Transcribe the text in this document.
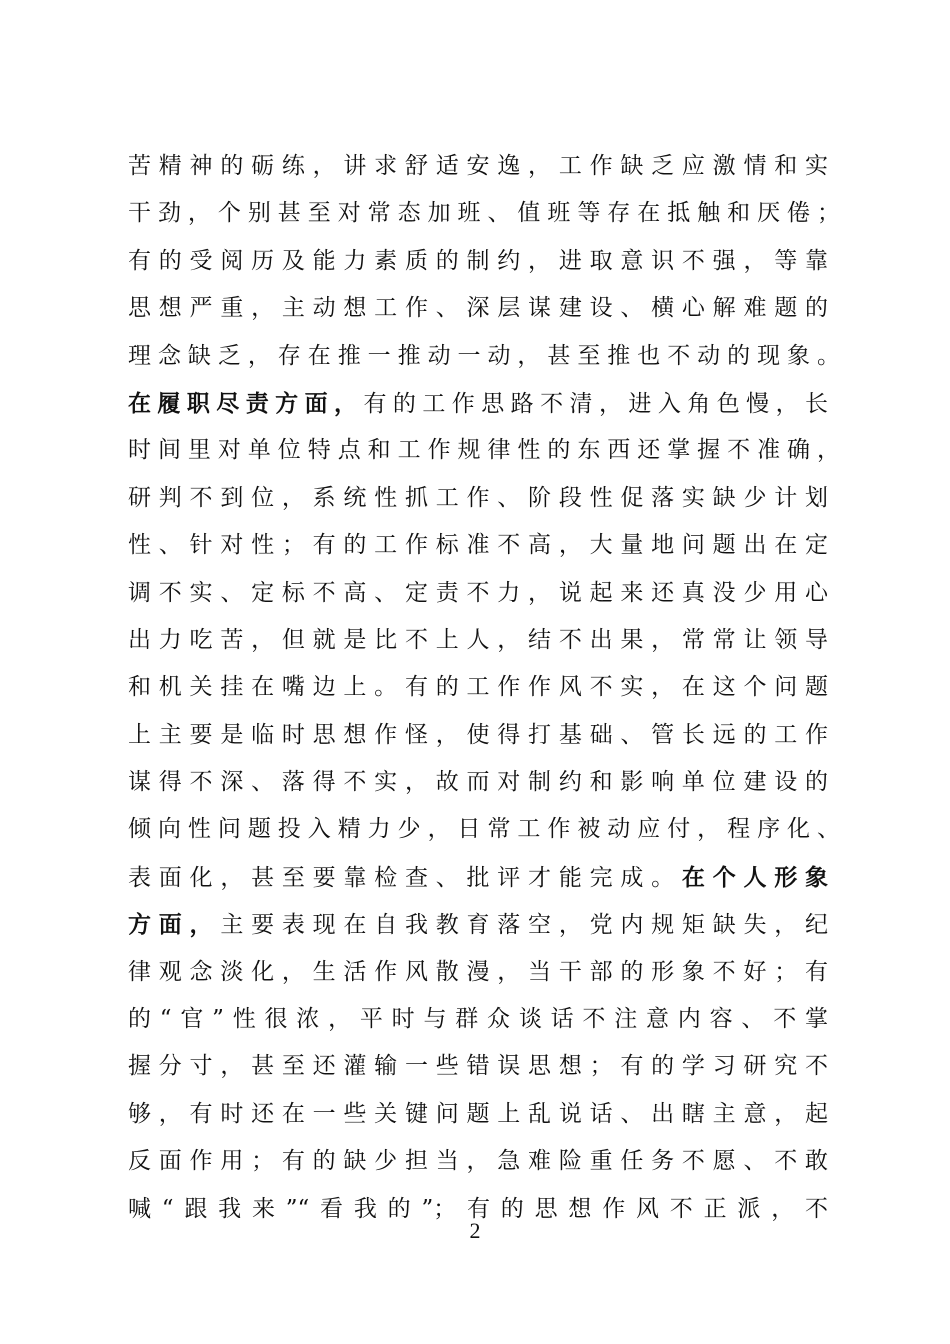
苦精神的砺练，讲求舒适安逸，工作缺乏应激情和实
干劲，个别甚至对常态加班、值班等存在抵触和厌倦；
有的受阅历及能力素质的制约，进取意识不强，等靠
思想严重，主动想工作、深层谋建设、横心解难题的
理念缺乏，存在推一推动一动，甚至推也不动的现象。
在履职尽责方面，有的工作思路不清，进入角色慢，长
时间里对单位特点和工作规律性的东西还掌握不准确，
研判不到位，系统性抓工作、阶段性促落实缺少计划
性、针对性；有的工作标准不高，大量地问题出在定
调不实、定标不高、定责不力，说起来还真没少用心
出力吃苦，但就是比不上人，结不出果，常常让领导
和机关挂在嘴边上。有的工作作风不实，在这个问题
上主要是临时思想作怪，使得打基础、管长远的工作
谋得不深、落得不实，故而对制约和影响单位建设的
倾向性问题投入精力少，日常工作被动应付，程序化、
表面化，甚至要靠检查、批评才能完成。在个人形象
方面，主要表现在自我教育落空，党内规矩缺失，纪
律观念淡化，生活作风散漫，当干部的形象不好；有
的“官”性很浓，平时与群众谈话不注意内容、不掌
握分寸，甚至还灌输一些错误思想；有的学习研究不
够，有时还在一些关键问题上乱说话、出瞎主意，起
反面作用；有的缺少担当，急难险重任务不愿、不敢
喊“跟我来”“看我的”；有的思想作风不正派，不
2
